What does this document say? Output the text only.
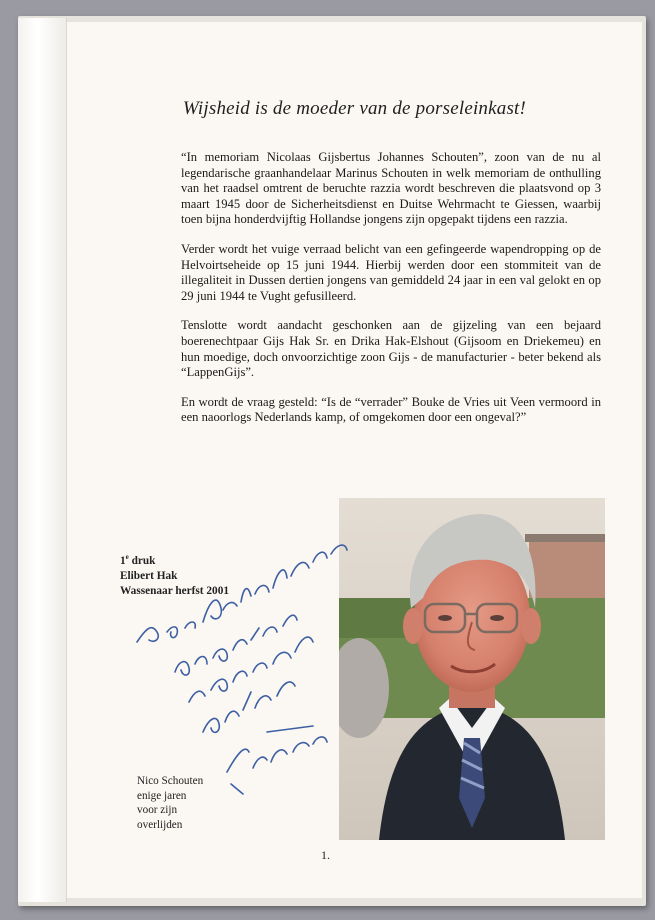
Wijsheid is de moeder van de porseleinkast!

“In memoriam Nicolaas Gijsbertus Johannes Schouten”, zoon van de nu al legendarische graanhandelaar Marinus Schouten in welk memoriam de onthulling van het raadsel omtrent de beruchte razzia wordt beschreven die plaatsvond op 3 maart 1945 door de Sicherheitsdienst en Duitse Wehrmacht te Giessen, waarbij toen bijna honderdvijftig Hollandse jongens zijn opgepakt tijdens een razzia.

Verder wordt het vuige verraad belicht van een gefingeerde wapendropping op de Helvoirtseheide op 15 juni 1944. Hierbij werden door een stommiteit van de illegaliteit in Dussen dertien jongens van gemiddeld 24 jaar in een val gelokt en op 29 juni 1944 te Vught gefusilleerd.

Tenslotte wordt aandacht geschonken aan de gijzeling van een bejaard boerenechtpaar Gijs Hak Sr. en Drika Hak-Elshout (Gijsoom en Driekemeu) en hun moedige, doch onvoorzichtige zoon Gijs - de manufacturier - beter bekend als “LappenGijs”.

En wordt de vraag gesteld: “Is de “verrader” Bouke de Vries uit Veen vermoord in een naoorlogs Nederlands kamp, of omgekomen door een ongeval?”

1e druk
Elibert Hak
Wassenaar herfst 2001
Nico Schouten
enige jaren
voor zijn
overlijden
1.
